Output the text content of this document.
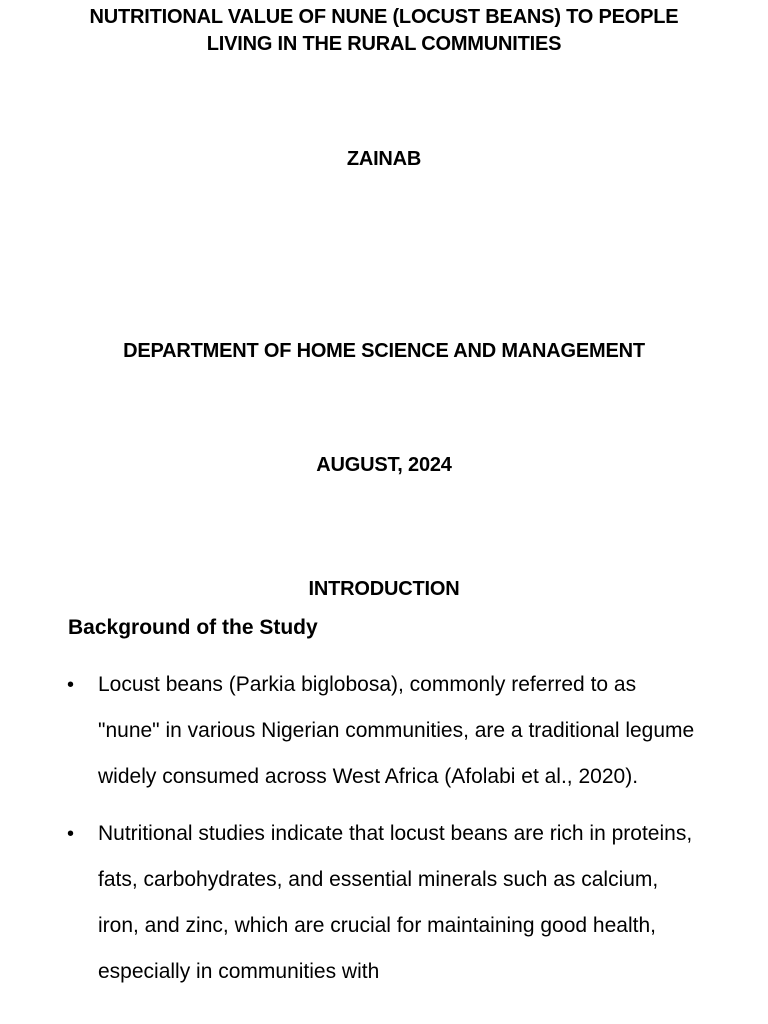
NUTRITIONAL VALUE OF NUNE (LOCUST BEANS) TO PEOPLE
LIVING IN THE RURAL COMMUNITIES
ZAINAB
DEPARTMENT OF HOME SCIENCE AND MANAGEMENT
AUGUST, 2024
INTRODUCTION
Background of the Study
• Locust beans (Parkia biglobosa), commonly referred to as "nune" in various Nigerian communities, are a traditional legume widely consumed across West Africa (Afolabi et al., 2020).
• Nutritional studies indicate that locust beans are rich in proteins, fats, carbohydrates, and essential minerals such as calcium, iron, and zinc, which are crucial for maintaining good health, especially in communities with
